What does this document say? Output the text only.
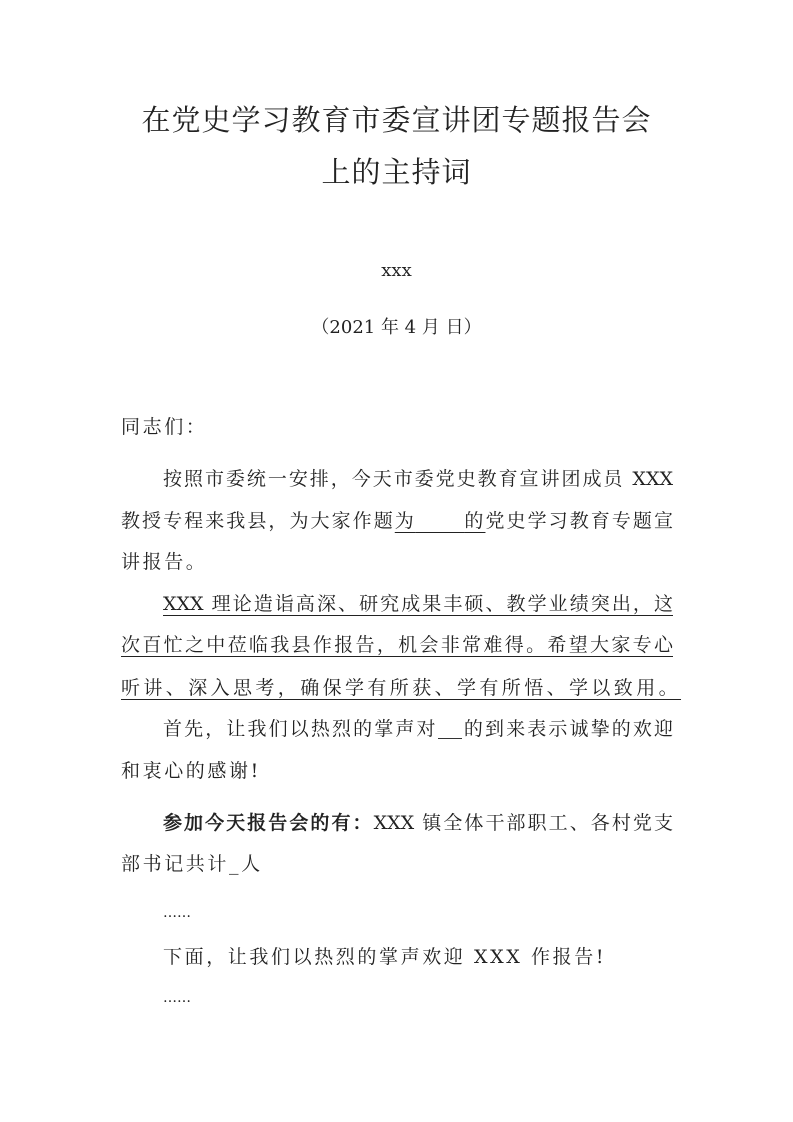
在党史学习教育市委宣讲团专题报告会
上的主持词
xxx
（2021 年 4 月 日）
同志们：
按照市委统一安排，今天市委党史教育宣讲团成员 XXX
教授专程来我县，为大家作题为	的党史学习教育专题宣
讲报告。
XXX 理论造诣高深、研究成果丰硕、教学业绩突出，这
次百忙之中莅临我县作报告，机会非常难得。希望大家专心
听讲、深入思考，确保学有所获、学有所悟、学以致用。
首先，让我们以热烈的掌声对 的到来表示诚挚的欢迎
和衷心的感谢!
参加今天报告会的有：XXX 镇全体干部职工、各村党支
部书记共计_人
……
下面，让我们以热烈的掌声欢迎 XXX 作报告!
……
